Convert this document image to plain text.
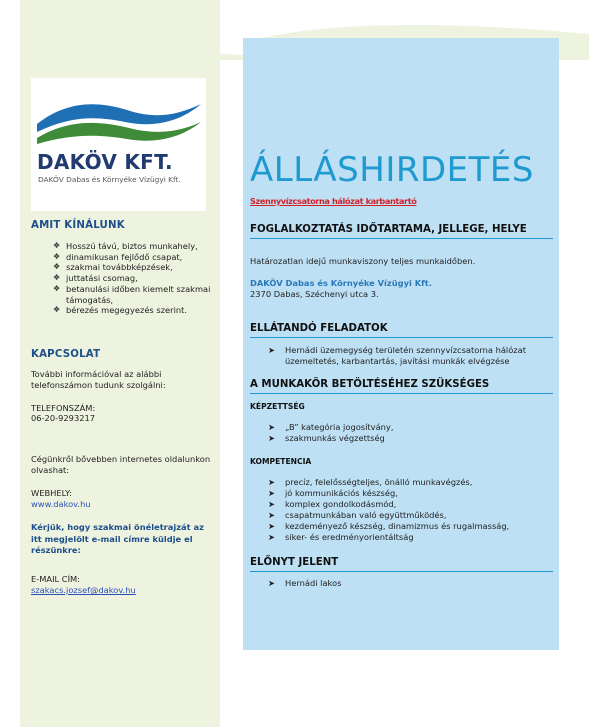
DAKÖV KFT.
DAKÖV Dabas és Környéke Vízügyi Kft.
AMIT KÍNÁLUNK
❖ Hosszú távú, biztos munkahely,
❖ dinamikusan fejlődő csapat,
❖ szakmai továbbképzések,
❖ juttatási csomag,
❖ betanulási időben kiemelt szakmai támogatás,
❖ bérezés megegyezés szerint.
KAPCSOLAT
További információval az alábbi telefonszámon tudunk szolgálni:
TELEFONSZÁM:
06-20-9293217
Cégünkről bővebben internetes oldalunkon olvashat:
WEBHELY:
www.dakov.hu
Kérjük, hogy szakmai önéletrajzát az itt megjelölt e-mail címre küldje el részünkre:
E-MAIL CÍM:
szakacs.jozsef@dakov.hu
ÁLLÁSHIRDETÉS
Szennyvízcsatorna hálózat karbantartó
FOGLALKOZTATÁS IDŐTARTAMA, JELLEGE, HELYE
Határozatlan idejű munkaviszony teljes munkaidőben.
DAKÖV Dabas és Környéke Vízügyi Kft.
2370 Dabas, Széchenyi utca 3.
ELLÁTANDÓ FELADATOK
➤ Hernádi üzemegység területén szennyvízcsatorna hálózat üzemeltetés, karbantartás, javítási munkák elvégzése
A MUNKAKÖR BETÖLTÉSÉHEZ SZÜKSÉGES
KÉPZETTSÉG
➤ „B” kategória jogosítvány,
➤ szakmunkás végzettség
KOMPETENCIA
➤ precíz, felelősségteljes, önálló munkavégzés,
➤ jó kommunikációs készség,
➤ komplex gondolkodásmód,
➤ csapatmunkában való együttműködés,
➤ kezdeményező készség, dinamizmus és rugalmasság,
➤ siker- és eredményorientáltság
ELŐNYT JELENT
➤ Hernádi lakos
